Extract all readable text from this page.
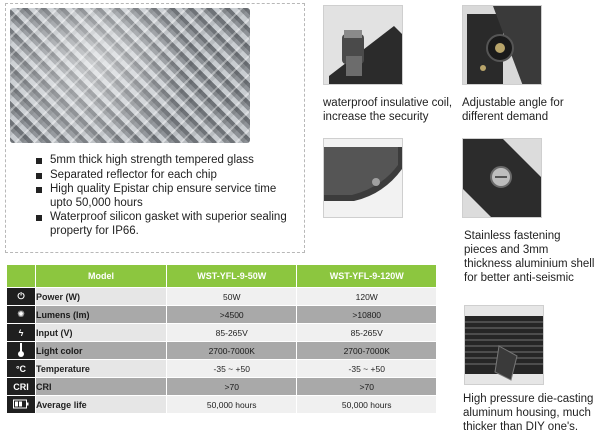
5mm thick high strength tempered glass
Separated reflector for each chip
High quality Epistar chip ensure service time upto 50,000 hours
Waterproof silicon gasket with superior sealing property for IP66.

waterproof insulative coil, increase the security

Adjustable angle for different demand

Stainless fastening pieces and 3mm thickness aluminium shell for better anti-seismic

High pressure die-casting aluminum housing, much thicker than DIY one's.

	Model	WST-YFL-9-50W	WST-YFL-9-120W
⏻	Power (W)	50W	120W
✺	Lumens (lm)	>4500	>10800
ϟ	Input (V)	85-265V	85-265V
	Light color	2700-7000K	2700-7000K
°C	Temperature	-35 ~ +50	-35 ~ +50
CRI	CRI	>70	>70
	Average life	50,000 hours	50,000 hours
